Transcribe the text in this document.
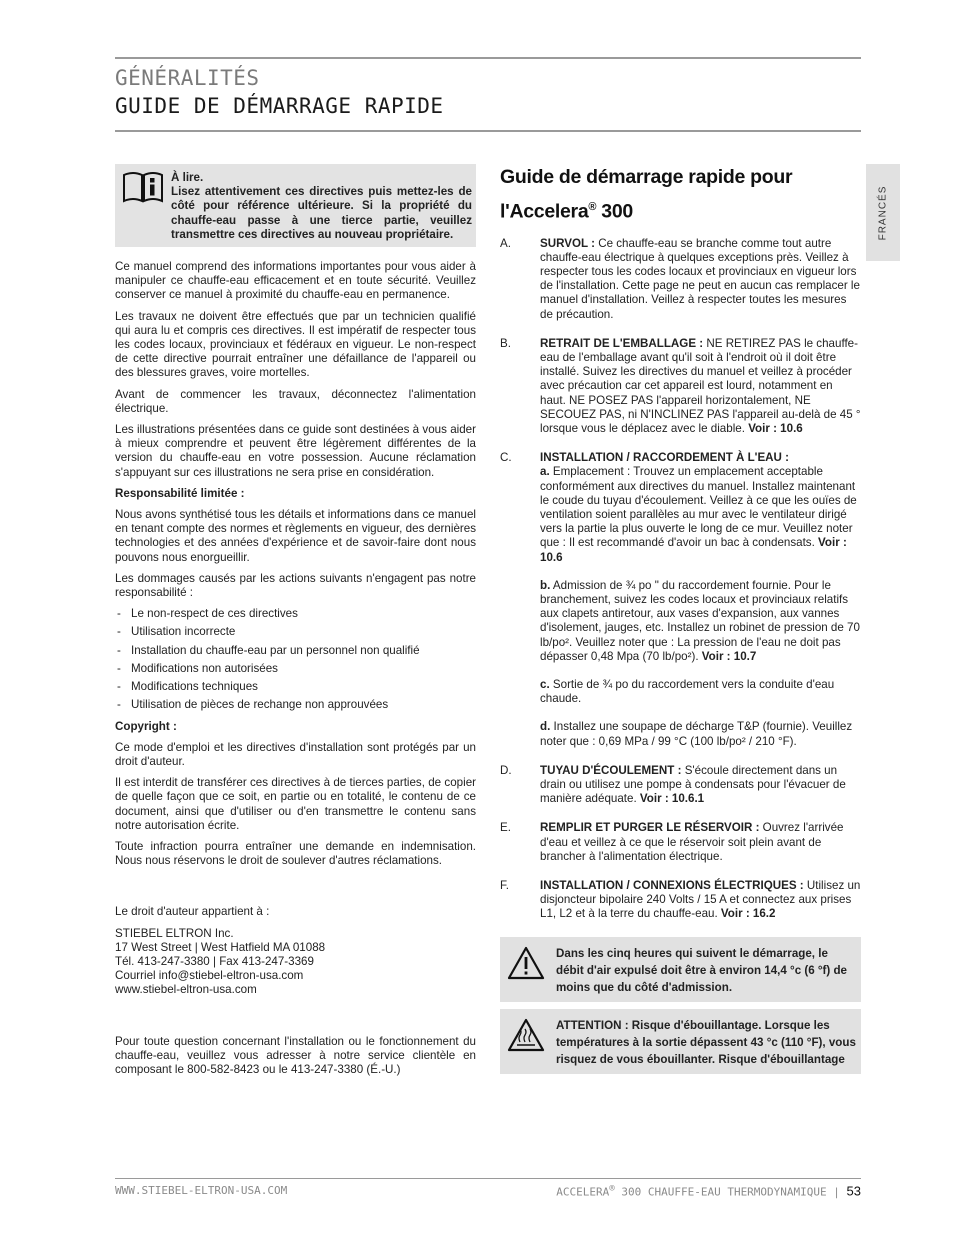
GÉNÉRALITÉS
GUIDE DE DÉMARRAGE RAPIDE
FRANCÉS

À lire.

Lisez attentivement ces directives puis mettez-les de côté pour référence ultérieure. Si la propriété du chauffe-eau passe à une tierce partie, veuillez transmettre ces directives au nouveau propriétaire.

Ce manuel comprend des informations importantes pour vous aider à manipuler ce chauffe-eau efficacement et en toute sécurité. Veuillez conserver ce manuel à proximité du chauffe-eau en permanence.

Les travaux ne doivent être effectués que par un technicien qualifié qui aura lu et compris ces directives. Il est impératif de respecter tous les codes locaux, provinciaux et fédéraux en vigueur. Le non-respect de cette directive pourrait entraîner une défaillance de l'appareil ou des blessures graves, voire mortelles.

Avant de commencer les travaux, déconnectez l'alimentation électrique.

Les illustrations présentées dans ce guide sont destinées à vous aider à mieux comprendre et peuvent être légèrement différentes de la version du chauffe-eau en votre possession. Aucune réclamation s'appuyant sur ces illustrations ne sera prise en considération.

Responsabilité limitée :

Nous avons synthétisé tous les détails et informations dans ce manuel en tenant compte des normes et règlements en vigueur, des dernières technologies et des années d'expérience et de savoir-faire dont nous pouvons nous enorgueillir.

Les dommages causés par les actions suivants n'engagent pas notre responsabilité :

- Le non-respect de ces directives
- Utilisation incorrecte
- Installation du chauffe-eau par un personnel non qualifié
- Modifications non autorisées
- Modifications techniques
- Utilisation de pièces de rechange non approuvées

Copyright :

Ce mode d'emploi et les directives d'installation sont protégés par un droit d'auteur.

Il est interdit de transférer ces directives à de tierces parties, de copier de quelle façon que ce soit, en partie ou en totalité, le contenu de ce document, ainsi que d'utiliser ou d'en transmettre le contenu sans notre autorisation écrite.

Toute infraction pourra entraîner une demande en indemnisation. Nous nous réservons le droit de soulever d'autres réclamations.

Le droit d'auteur appartient à :

STIEBEL ELTRON Inc.
17 West Street | West Hatfield MA 01088
Tél. 413-247-3380 | Fax 413-247-3369
Courriel info@stiebel-eltron-usa.com
www.stiebel-eltron-usa.com

Pour toute question concernant l'installation ou le fonctionnement du chauffe-eau, veuillez vous adresser à notre service clientèle en composant le 800-582-8423 ou le 413-247-3380 (É.-U.)

Guide de démarrage rapide pour
l'Accelera® 300
A.	SURVOL : Ce chauffe-eau se branche comme tout autre chauffe-eau électrique à quelques exceptions près. Veillez à respecter tous les codes locaux et provinciaux en vigueur lors de l'installation. Cette page ne peut en aucun cas remplacer le manuel d'installation. Veillez à respecter toutes les mesures de précaution.
B.	RETRAIT DE L'EMBALLAGE : NE RETIREZ PAS le chauffe-eau de l'emballage avant qu'il soit à l'endroit où il doit être installé. Suivez les directives du manuel et veillez à procéder avec précaution car cet appareil est lourd, notamment en haut. NE POSEZ PAS l'appareil horizontalement, NE SECOUEZ PAS, ni N'INCLINEZ PAS l'appareil au-delà de 45 ° lorsque vous le déplacez avec le diable. Voir : 10.6
C. INSTALLATION / RACCORDEMENT À L'EAU :
a. Emplacement : Trouvez un emplacement acceptable conformément aux directives du manuel. Installez maintenant le coude du tuyau d'écoulement. Veillez à ce que les ouïes de ventilation soient parallèles au mur avec le ventilateur dirigé vers la partie la plus ouverte le long de ce mur. Veuillez noter que : Il est recommandé d'avoir un bac à condensats. Voir : 10.6
b. Admission de ¾ po " du raccordement fournie. Pour le branchement, suivez les codes locaux et provinciaux relatifs aux clapets antiretour, aux vases d'expansion, aux vannes d'isolement, jauges, etc. Installez un robinet de pression de 70 lb/po². Veuillez noter que : La pression de l'eau ne doit pas dépasser 0,48 Mpa (70 lb/po²). Voir : 10.7
c. Sortie de ¾ po du raccordement vers la conduite d'eau chaude.
d. Installez une soupape de décharge T&P (fournie). Veuillez noter que : 0,69 MPa / 99 °C (100 lb/po² / 210 °F).
D. TUYAU D'ÉCOULEMENT : S'écoule directement dans un drain ou utilisez une pompe à condensats pour l'évacuer de manière adéquate. Voir : 10.6.1
E.	REMPLIR ET PURGER LE RÉSERVOIR : Ouvrez l'arrivée d'eau et veillez à ce que le réservoir soit plein avant de brancher à l'alimentation électrique.
F.	INSTALLATION / CONNEXIONS ÉLECTRIQUES : Utilisez un disjoncteur bipolaire 240 Volts / 15 A et connectez aux prises L1, L2 et à la terre du chauffe-eau. Voir : 16.2
Dans les cinq heures qui suivent le démarrage, le débit d'air expulsé doit être à environ 14,4 °c (6 °f) de moins que du côté d'admission.
ATTENTION : Risque d'ébouillantage. Lorsque les températures à la sortie dépassent 43 °c (110 °F), vous risquez de vous ébouillanter. Risque d'ébouillantage
WWW.STIEBEL-ELTRON-USA.COM	ACCELERA® 300 CHAUFFE-EAU THERMODYNAMIQUE | 53
